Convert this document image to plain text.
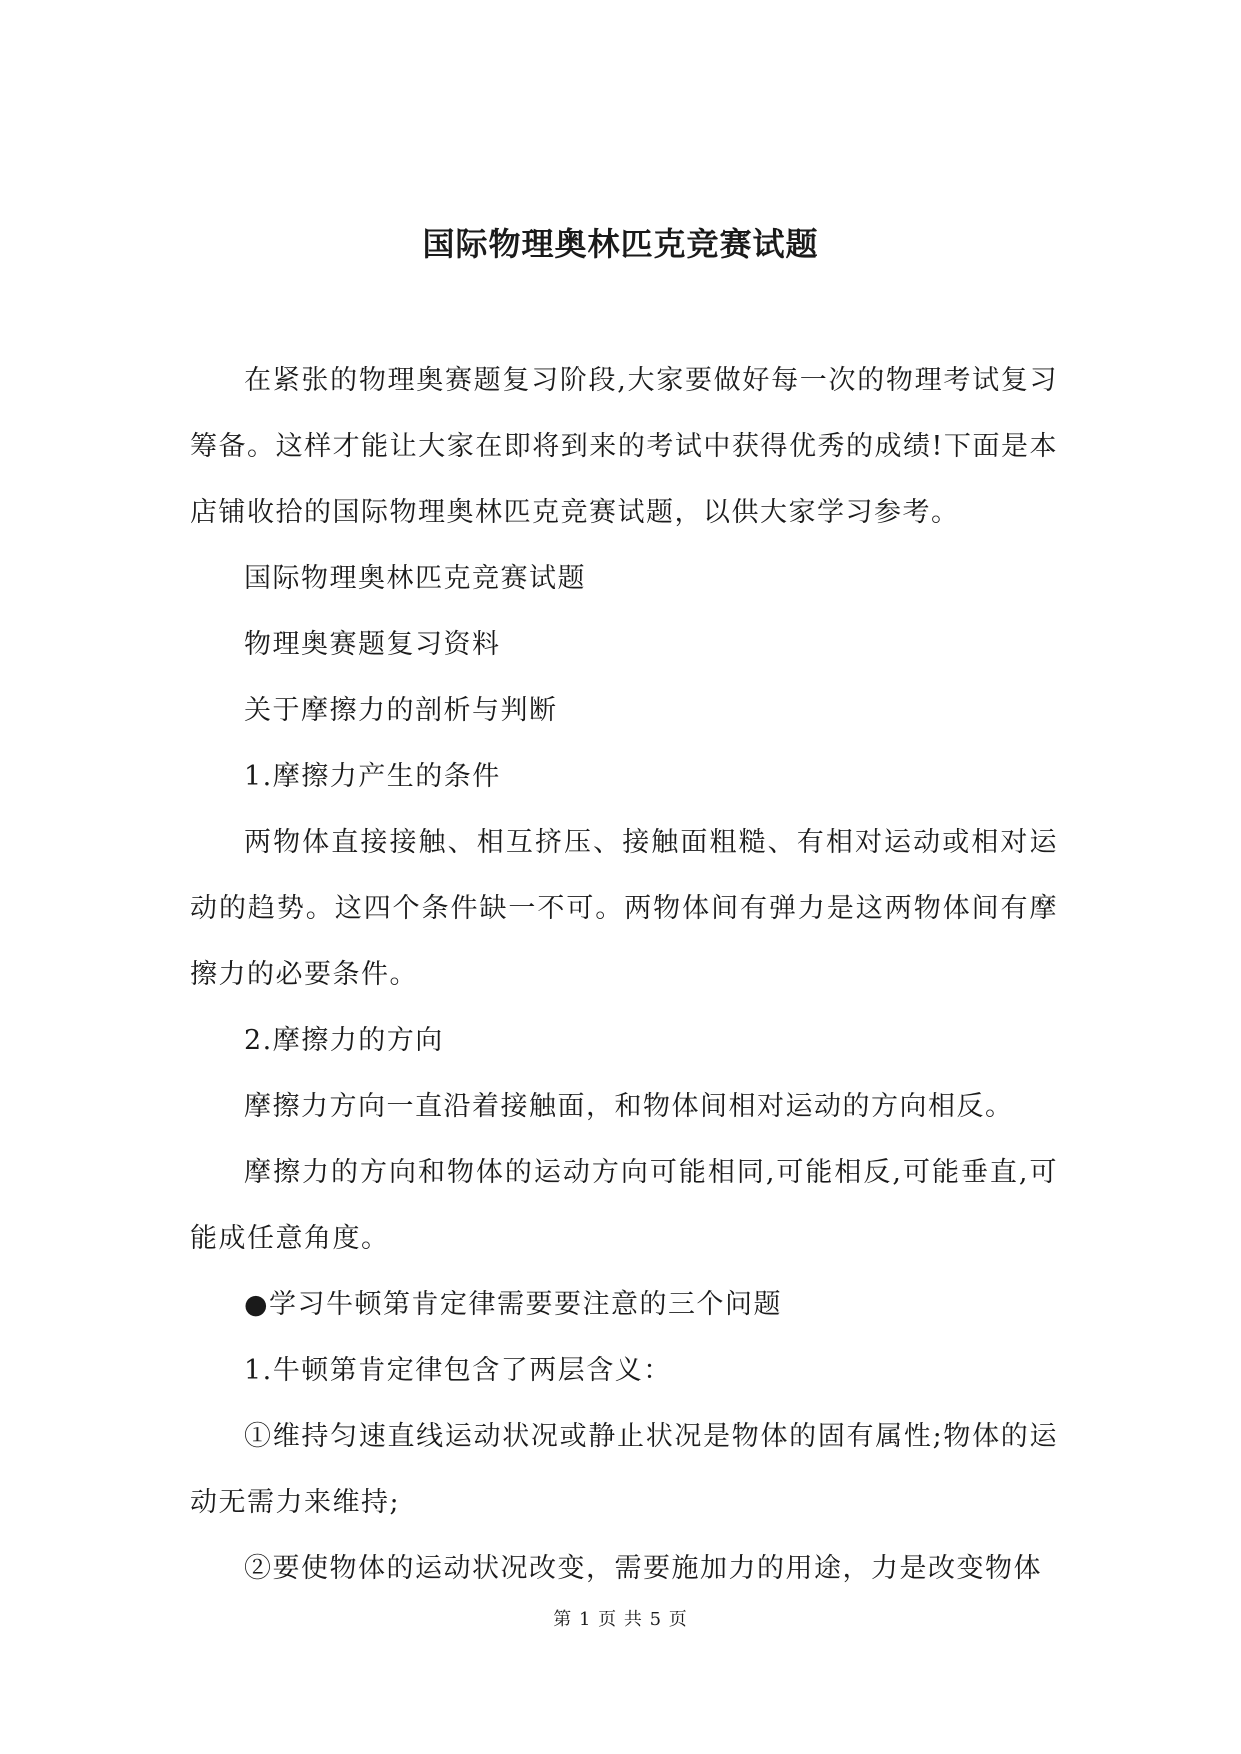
国际物理奥林匹克竞赛试题

在紧张的物理奥赛题复习阶段,大家要做好每一次的物理考试复习筹备。这样才能让大家在即将到来的考试中获得优秀的成绩!下面是本店铺收拾的国际物理奥林匹克竞赛试题，以供大家学习参考。

国际物理奥林匹克竞赛试题

物理奥赛题复习资料

关于摩擦力的剖析与判断

1.摩擦力产生的条件

两物体直接接触、相互挤压、接触面粗糙、有相对运动或相对运动的趋势。这四个条件缺一不可。两物体间有弹力是这两物体间有摩擦力的必要条件。

2.摩擦力的方向

摩擦力方向一直沿着接触面，和物体间相对运动的方向相反。

摩擦力的方向和物体的运动方向可能相同,可能相反,可能垂直,可能成任意角度。

●学习牛顿第肯定律需要要注意的三个问题

1.牛顿第肯定律包含了两层含义：

①维持匀速直线运动状况或静止状况是物体的固有属性;物体的运动无需力来维持;

②要使物体的运动状况改变，需要施加力的用途，力是改变物体

第 1 页 共 5 页
